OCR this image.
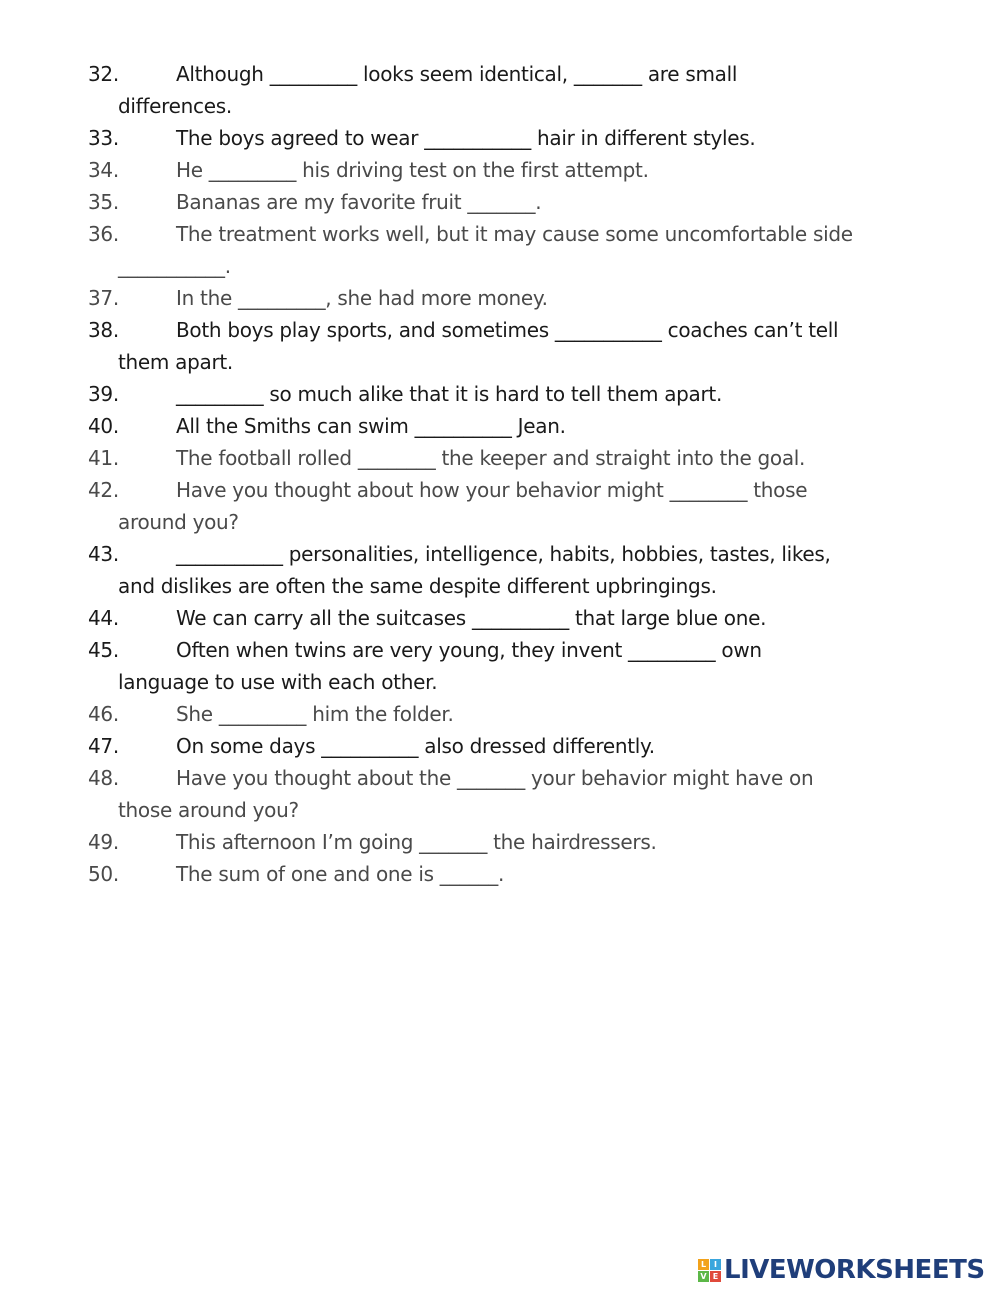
32.	Although _________ looks seem identical, _______ are small
differences.
33.	The boys agreed to wear ___________ hair in different styles.
34.	He _________ his driving test on the first attempt.
35.	Bananas are my favorite fruit _______.
36.	The treatment works well, but it may cause some uncomfortable side
___________.
37.	In the _________, she had more money.
38.	Both boys play sports, and sometimes ___________ coaches can’t tell
them apart.
39.	_________ so much alike that it is hard to tell them apart.
40.	All the Smiths can swim __________ Jean.
41.	The football rolled ________ the keeper and straight into the goal.
42.	Have you thought about how your behavior might ________ those
around you?
43.	___________ personalities, intelligence, habits, hobbies, tastes, likes,
and dislikes are often the same despite different upbringings.
44.	We can carry all the suitcases __________ that large blue one.
45.	Often when twins are very young, they invent _________ own
language to use with each other.
46.	She _________ him the folder.
47.	On some days __________ also dressed differently.
48.	Have you thought about the _______ your behavior might have on
those around you?
49.	This afternoon I’m going _______ the hairdressers.
50.	The sum of one and one is ______.
L I
V E LIVEWORKSHEETS
